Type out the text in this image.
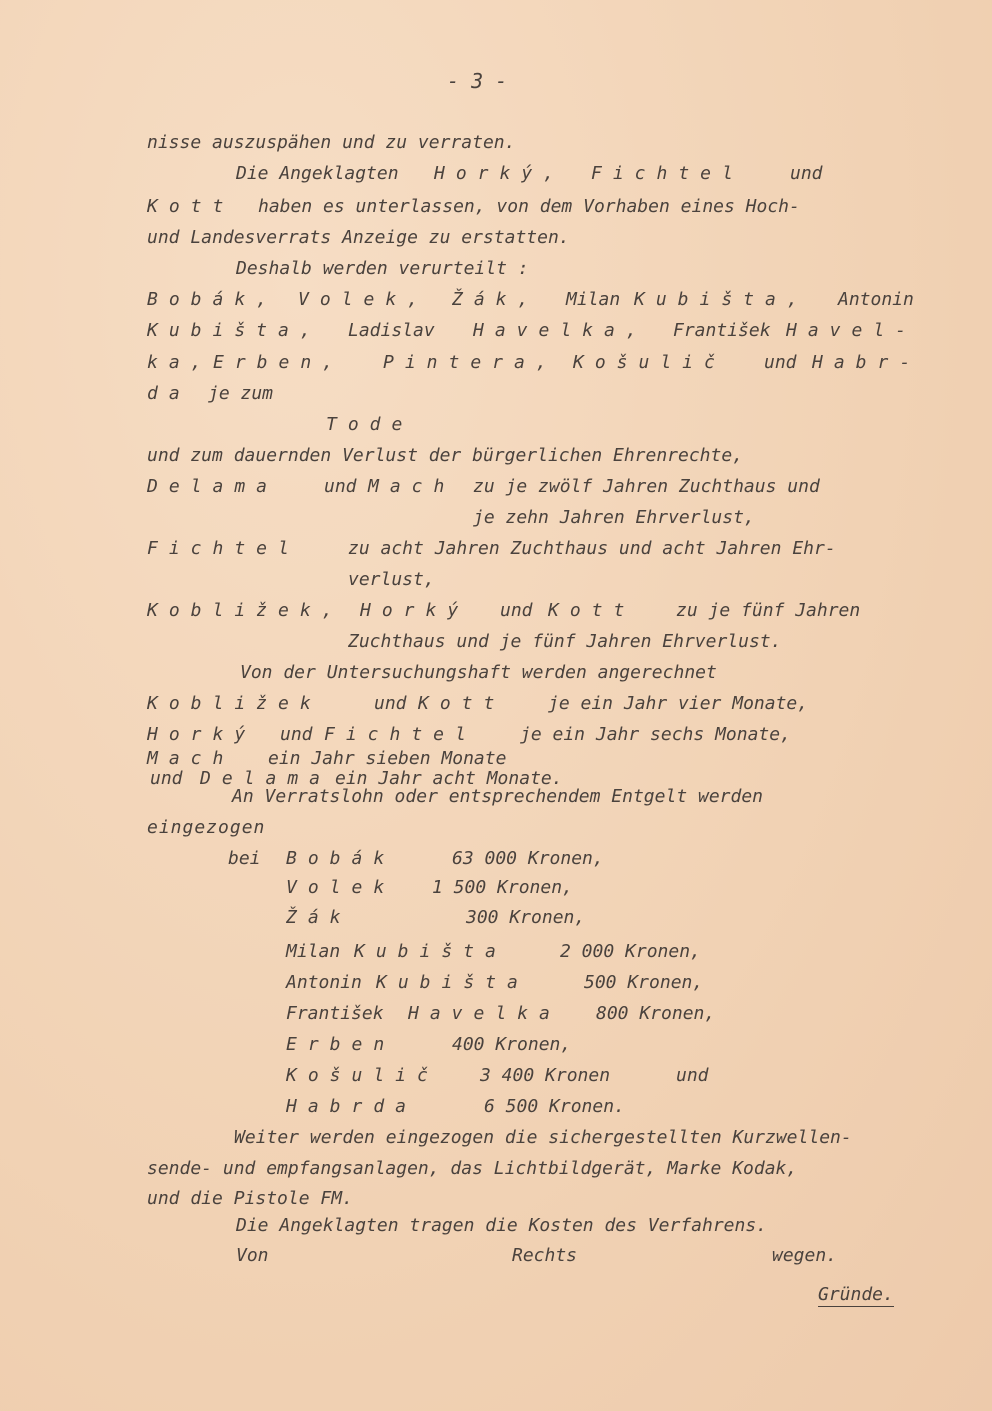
- 3 -
nisse auszuspähen und zu verraten.
Die Angeklagten Horký, Fichtel	und
Kott haben es unterlassen, von dem Vorhaben eines Hoch-
und Landesverrats Anzeige zu erstatten.
Deshalb werden verurteilt :
Bobák, Volek, Žák, Milan Kubišta, Antonin
Kubišta, Ladislav Havelka, František Havel-
ka, Erben, Pintera, Košulič und Habr-
da je zum
Tode
und zum dauernden Verlust der bürgerlichen Ehrenrechte,
Delama	und Mach zu je zwölf Jahren Zuchthaus und
je zehn Jahren Ehrverlust,
Fichtel	zu acht Jahren Zuchthaus und acht Jahren Ehr-
verlust,
Kobližek, Horký und Kott zu je fünf Jahren
Zuchthaus und je fünf Jahren Ehrverlust.
Von der Untersuchungshaft werden angerechnet
Kobližek	und Kott je ein Jahr vier Monate,
Horký und Fichtel je ein Jahr sechs Monate,
Mach ein Jahr sieben Monate
und Delama ein Jahr acht Monate.
An Verratslohn oder entsprechendem Entgelt werden
eingezogen
bei Bobák	63 000 Kronen,
Volek 1 500 Kronen,
Žák	300 Kronen,
Milan Kubišta	2 000 Kronen,
Antonin Kubišta	500 Kronen,
František Havelka 800 Kronen,
Erben	400 Kronen,
Košulič 3 400 Kronen	und
Habrda	6 500 Kronen.
Weiter werden eingezogen die sichergestellten Kurzwellen-
sende- und empfangsanlagen, das Lichtbildgerät, Marke Kodak,
und die Pistole FM.
Die Angeklagten tragen die Kosten des Verfahrens.
Von	Rechts	wegen.
Gründe.
